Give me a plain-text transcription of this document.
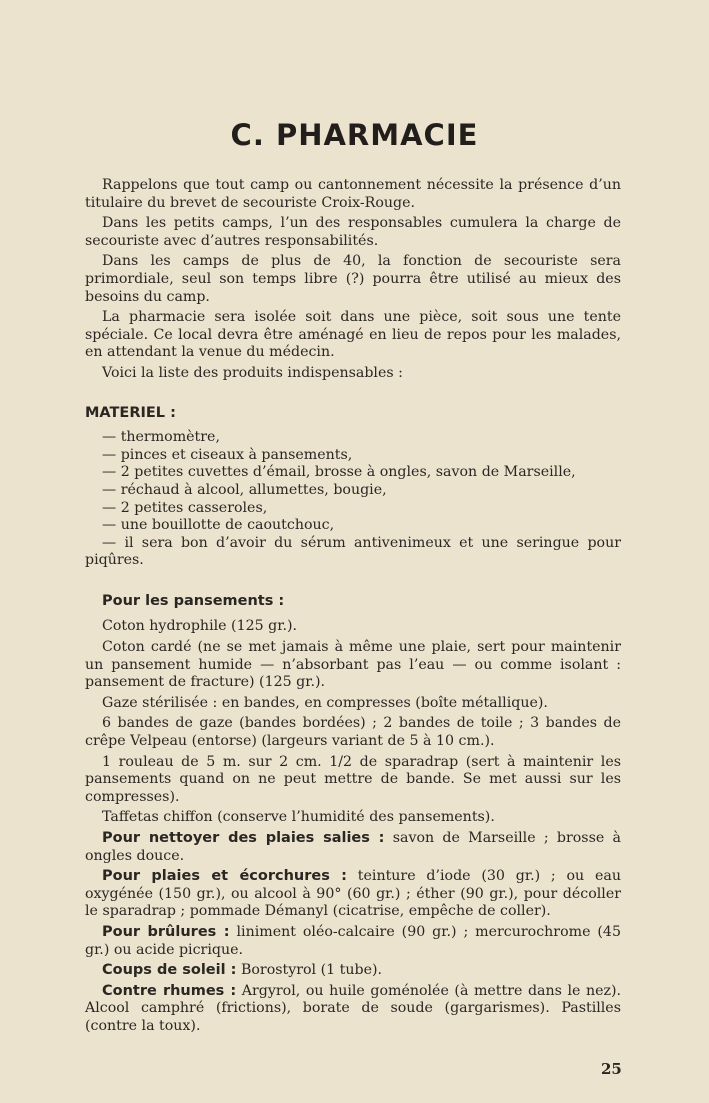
C. PHARMACIE

Rappelons que tout camp ou cantonnement nécessite la présence d’un titulaire du brevet de secouriste Croix-Rouge.

Dans les petits camps, l’un des responsables cumulera la charge de secouriste avec d’autres responsabilités.

Dans les camps de plus de 40, la fonction de secouriste sera primordiale, seul son temps libre (?) pourra être utilisé au mieux des besoins du camp.

La pharmacie sera isolée soit dans une pièce, soit sous une tente spéciale. Ce local devra être aménagé en lieu de repos pour les malades, en attendant la venue du médecin.

Voici la liste des produits indispensables :

MATERIEL :
— thermomètre,
— pinces et ciseaux à pansements,
— 2 petites cuvettes d’émail, brosse à ongles, savon de Marseille,
— réchaud à alcool, allumettes, bougie,
— 2 petites casseroles,
— une bouillotte de caoutchouc,
— il sera bon d’avoir du sérum antivenimeux et une seringue pour piqûres.
Pour les pansements :

Coton hydrophile (125 gr.).

Coton cardé (ne se met jamais à même une plaie, sert pour maintenir un pansement humide — n’absorbant pas l’eau — ou comme isolant : pansement de fracture) (125 gr.).

Gaze stérilisée : en bandes, en compresses (boîte métallique).

6 bandes de gaze (bandes bordées) ; 2 bandes de toile ; 3 bandes de crêpe Velpeau (entorse) (largeurs variant de 5 à 10 cm.).

1 rouleau de 5 m. sur 2 cm. 1/2 de sparadrap (sert à maintenir les pansements quand on ne peut mettre de bande. Se met aussi sur les compresses).

Taffetas chiffon (conserve l’humidité des pansements).

Pour nettoyer des plaies salies : savon de Marseille ; brosse à ongles douce.

Pour plaies et écorchures : teinture d’iode (30 gr.) ; ou eau oxygénée (150 gr.), ou alcool à 90° (60 gr.) ; éther (90 gr.), pour décoller le sparadrap ; pommade Démanyl (cicatrise, empêche de coller).

Pour brûlures : liniment oléo-calcaire (90 gr.) ; mercurochrome (45 gr.) ou acide picrique.

Coups de soleil : Borostyrol (1 tube).

Contre rhumes : Argyrol, ou huile goménolée (à mettre dans le nez). Alcool camphré (frictions), borate de soude (gargarismes). Pastilles (contre la toux).

25
